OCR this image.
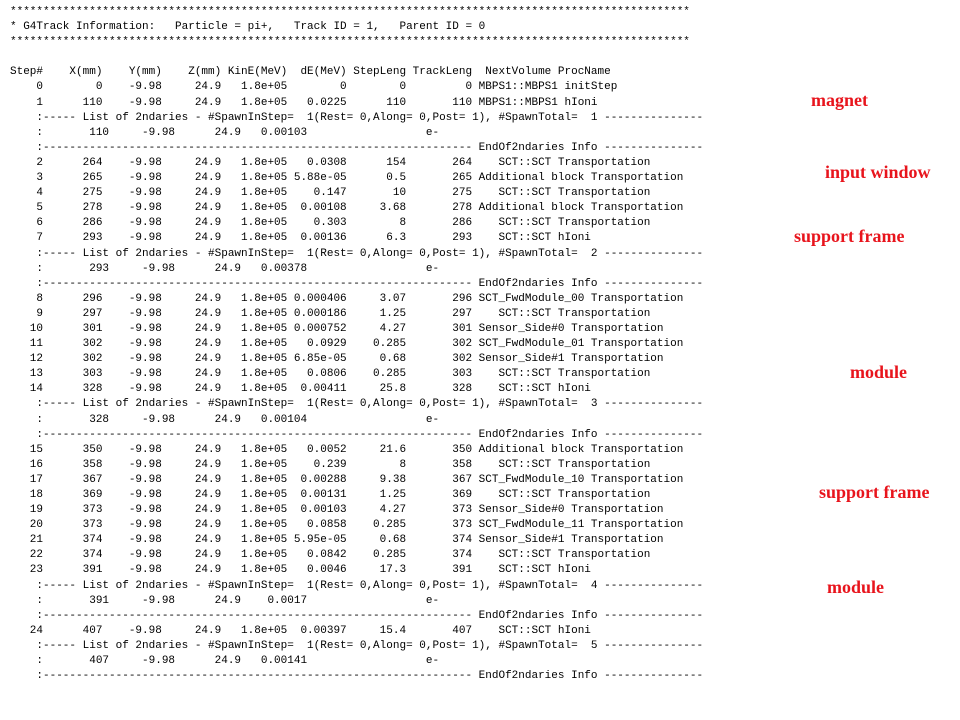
*******************************************************************************************************
* G4Track Information:   Particle = pi+,   Track ID = 1,   Parent ID = 0
*******************************************************************************************************
Step#    X(mm)    Y(mm)    Z(mm) KinE(MeV)  dE(MeV) StepLeng TrackLeng  NextVolume ProcName
0        0    -9.98     24.9   1.8e+05        0        0         0 MBPS1::MBPS1 initStep
1      110    -9.98     24.9   1.8e+05   0.0225      110       110 MBPS1::MBPS1 hIoni
:----- List of 2ndaries - #SpawnInStep=  1(Rest= 0,Along= 0,Post= 1), #SpawnTotal=  1 ---------------
:       110     -9.98      24.9   0.00103                  e-
:----------------------------------------------------------------- EndOf2ndaries Info ---------------
2      264    -9.98     24.9   1.8e+05   0.0308      154       264    SCT::SCT Transportation
3      265    -9.98     24.9   1.8e+05 5.88e-05      0.5       265 Additional block Transportation
4      275    -9.98     24.9   1.8e+05    0.147       10       275    SCT::SCT Transportation
5      278    -9.98     24.9   1.8e+05  0.00108     3.68       278 Additional block Transportation
6      286    -9.98     24.9   1.8e+05    0.303        8       286    SCT::SCT Transportation
7      293    -9.98     24.9   1.8e+05  0.00136      6.3       293    SCT::SCT hIoni
:----- List of 2ndaries - #SpawnInStep=  1(Rest= 0,Along= 0,Post= 1), #SpawnTotal=  2 ---------------
:       293     -9.98      24.9   0.00378                  e-
:----------------------------------------------------------------- EndOf2ndaries Info ---------------
8      296    -9.98     24.9   1.8e+05 0.000406     3.07       296 SCT_FwdModule_00 Transportation
9      297    -9.98     24.9   1.8e+05 0.000186     1.25       297    SCT::SCT Transportation
10      301    -9.98     24.9   1.8e+05 0.000752     4.27       301 Sensor_Side#0 Transportation
11      302    -9.98     24.9   1.8e+05   0.0929    0.285       302 SCT_FwdModule_01 Transportation
12      302    -9.98     24.9   1.8e+05 6.85e-05     0.68       302 Sensor_Side#1 Transportation
13      303    -9.98     24.9   1.8e+05   0.0806    0.285       303    SCT::SCT Transportation
14      328    -9.98     24.9   1.8e+05  0.00411     25.8       328    SCT::SCT hIoni
:----- List of 2ndaries - #SpawnInStep=  1(Rest= 0,Along= 0,Post= 1), #SpawnTotal=  3 ---------------
:       328     -9.98      24.9   0.00104                  e-
:----------------------------------------------------------------- EndOf2ndaries Info ---------------
15      350    -9.98     24.9   1.8e+05   0.0052     21.6       350 Additional block Transportation
16      358    -9.98     24.9   1.8e+05    0.239        8       358    SCT::SCT Transportation
17      367    -9.98     24.9   1.8e+05  0.00288     9.38       367 SCT_FwdModule_10 Transportation
18      369    -9.98     24.9   1.8e+05  0.00131     1.25       369    SCT::SCT Transportation
19      373    -9.98     24.9   1.8e+05  0.00103     4.27       373 Sensor_Side#0 Transportation
20      373    -9.98     24.9   1.8e+05   0.0858    0.285       373 SCT_FwdModule_11 Transportation
21      374    -9.98     24.9   1.8e+05 5.95e-05     0.68       374 Sensor_Side#1 Transportation
22      374    -9.98     24.9   1.8e+05   0.0842    0.285       374    SCT::SCT Transportation
23      391    -9.98     24.9   1.8e+05   0.0046     17.3       391    SCT::SCT hIoni
:----- List of 2ndaries - #SpawnInStep=  1(Rest= 0,Along= 0,Post= 1), #SpawnTotal=  4 ---------------
:       391     -9.98      24.9    0.0017                  e-
:----------------------------------------------------------------- EndOf2ndaries Info ---------------
24      407    -9.98     24.9   1.8e+05  0.00397     15.4       407    SCT::SCT hIoni
:----- List of 2ndaries - #SpawnInStep=  1(Rest= 0,Along= 0,Post= 1), #SpawnTotal=  5 ---------------
:       407     -9.98      24.9   0.00141                  e-
:----------------------------------------------------------------- EndOf2ndaries Info ---------------
magnet
input window
support frame
module
support frame
module
